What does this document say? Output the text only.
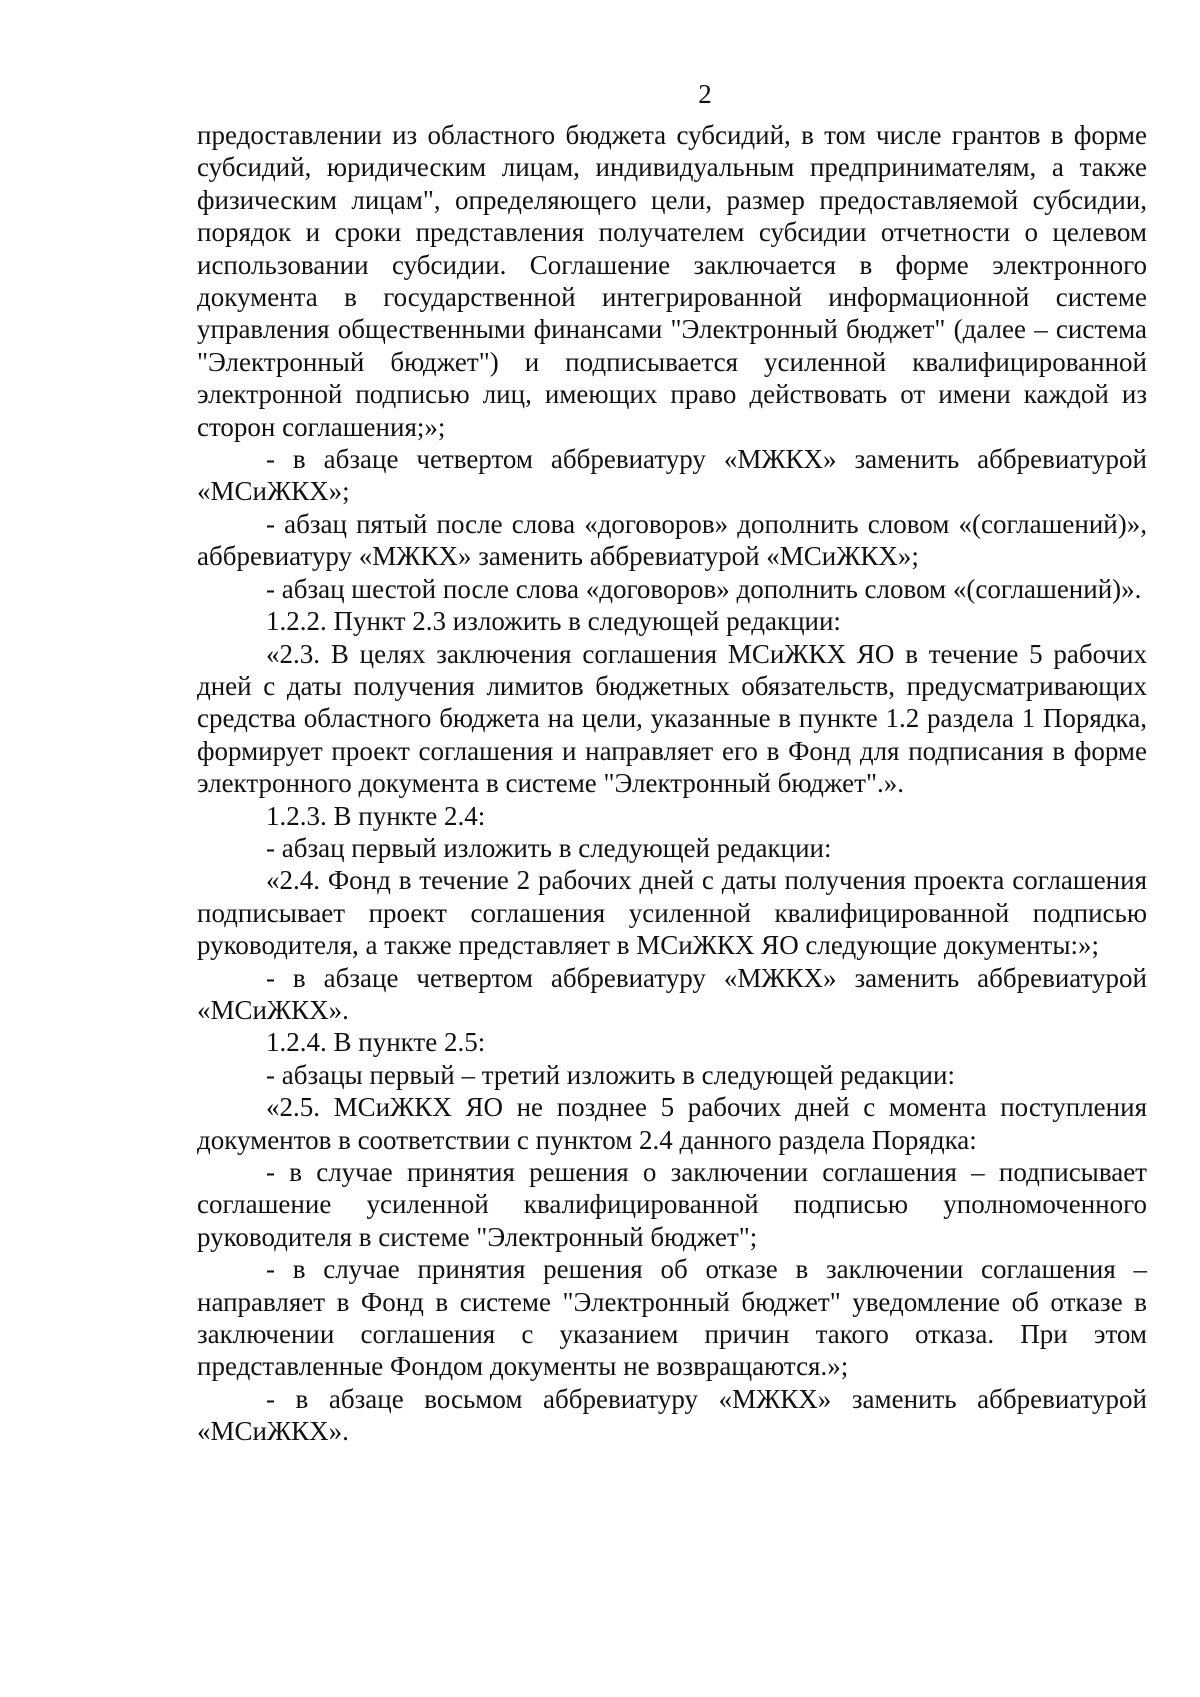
2

предоставлении из областного бюджета субсидий, в том числе грантов в форме субсидий, юридическим лицам, индивидуальным предпринимателям, а также физическим лицам", определяющего цели, размер предоставляемой субсидии, порядок и сроки представления получателем субсидии отчетности о целевом использовании субсидии. Соглашение заключается в форме электронного документа в государственной интегрированной информационной системе управления общественными финансами "Электронный бюджет" (далее – система "Электронный бюджет") и подписывается усиленной квалифицированной электронной подписью лиц, имеющих право действовать от имени каждой из сторон соглашения;»;

- в абзаце четвертом аббревиатуру «МЖКХ» заменить аббревиатурой «МСиЖКХ»;

- абзац пятый после слова «договоров» дополнить словом «(соглашений)», аббревиатуру «МЖКХ» заменить аббревиатурой «МСиЖКХ»;

- абзац шестой после слова «договоров» дополнить словом «(соглашений)».

1.2.2. Пункт 2.3 изложить в следующей редакции:

«2.3. В целях заключения соглашения МСиЖКХ ЯО в течение 5 рабочих дней с даты получения лимитов бюджетных обязательств, предусматривающих средства областного бюджета на цели, указанные в пункте 1.2 раздела 1 Порядка, формирует проект соглашения и направляет его в Фонд для подписания в форме электронного документа в системе "Электронный бюджет".».

1.2.3. В пункте 2.4:

- абзац первый изложить в следующей редакции:

«2.4. Фонд в течение 2 рабочих дней с даты получения проекта соглашения подписывает проект соглашения усиленной квалифицированной подписью руководителя, а также представляет в МСиЖКХ ЯО следующие документы:»;

- в абзаце четвертом аббревиатуру «МЖКХ» заменить аббревиатурой «МСиЖКХ».

1.2.4. В пункте 2.5:

- абзацы первый – третий изложить в следующей редакции:

«2.5. МСиЖКХ ЯО не позднее 5 рабочих дней с момента поступления документов в соответствии с пунктом 2.4 данного раздела Порядка:

- в случае принятия решения о заключении соглашения – подписывает соглашение усиленной квалифицированной подписью уполномоченного руководителя в системе "Электронный бюджет";

- в случае принятия решения об отказе в заключении соглашения – направляет в Фонд в системе "Электронный бюджет" уведомление об отказе в заключении соглашения с указанием причин такого отказа. При этом представленные Фондом документы не возвращаются.»;

- в абзаце восьмом аббревиатуру «МЖКХ» заменить аббревиатурой «МСиЖКХ».
